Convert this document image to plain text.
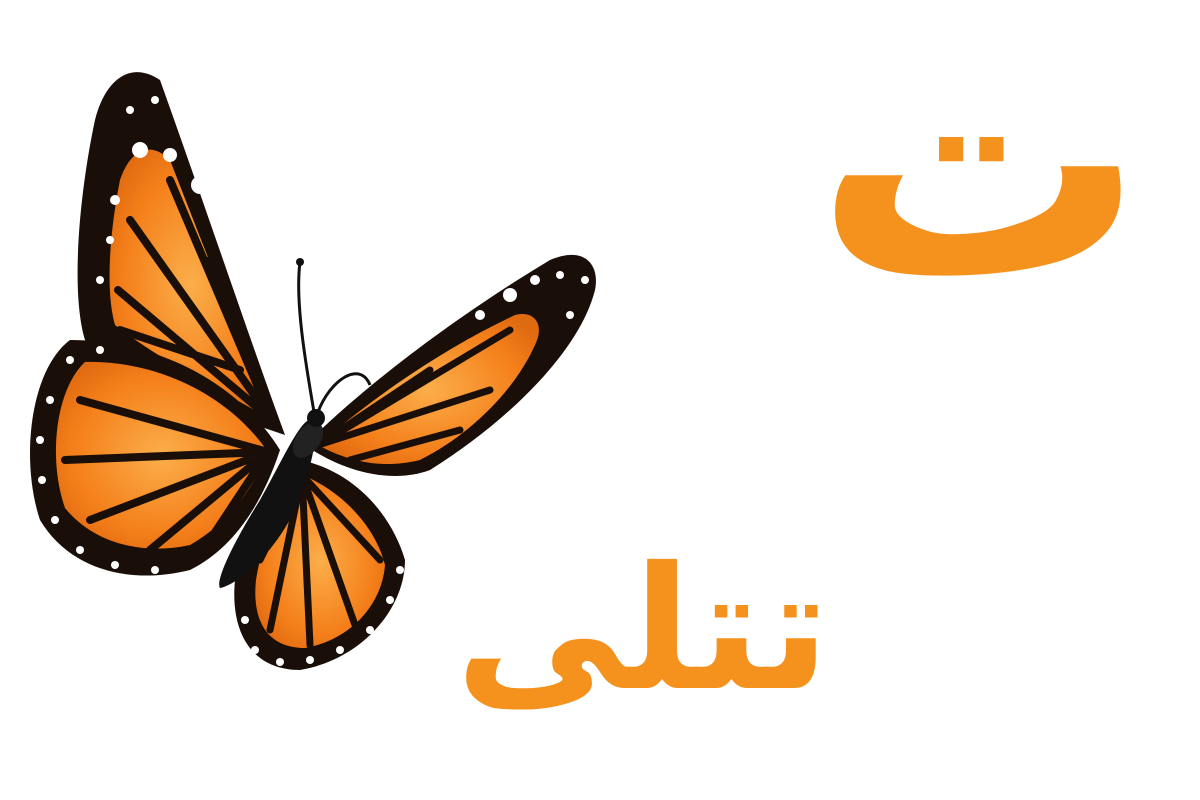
ت
تتلی
